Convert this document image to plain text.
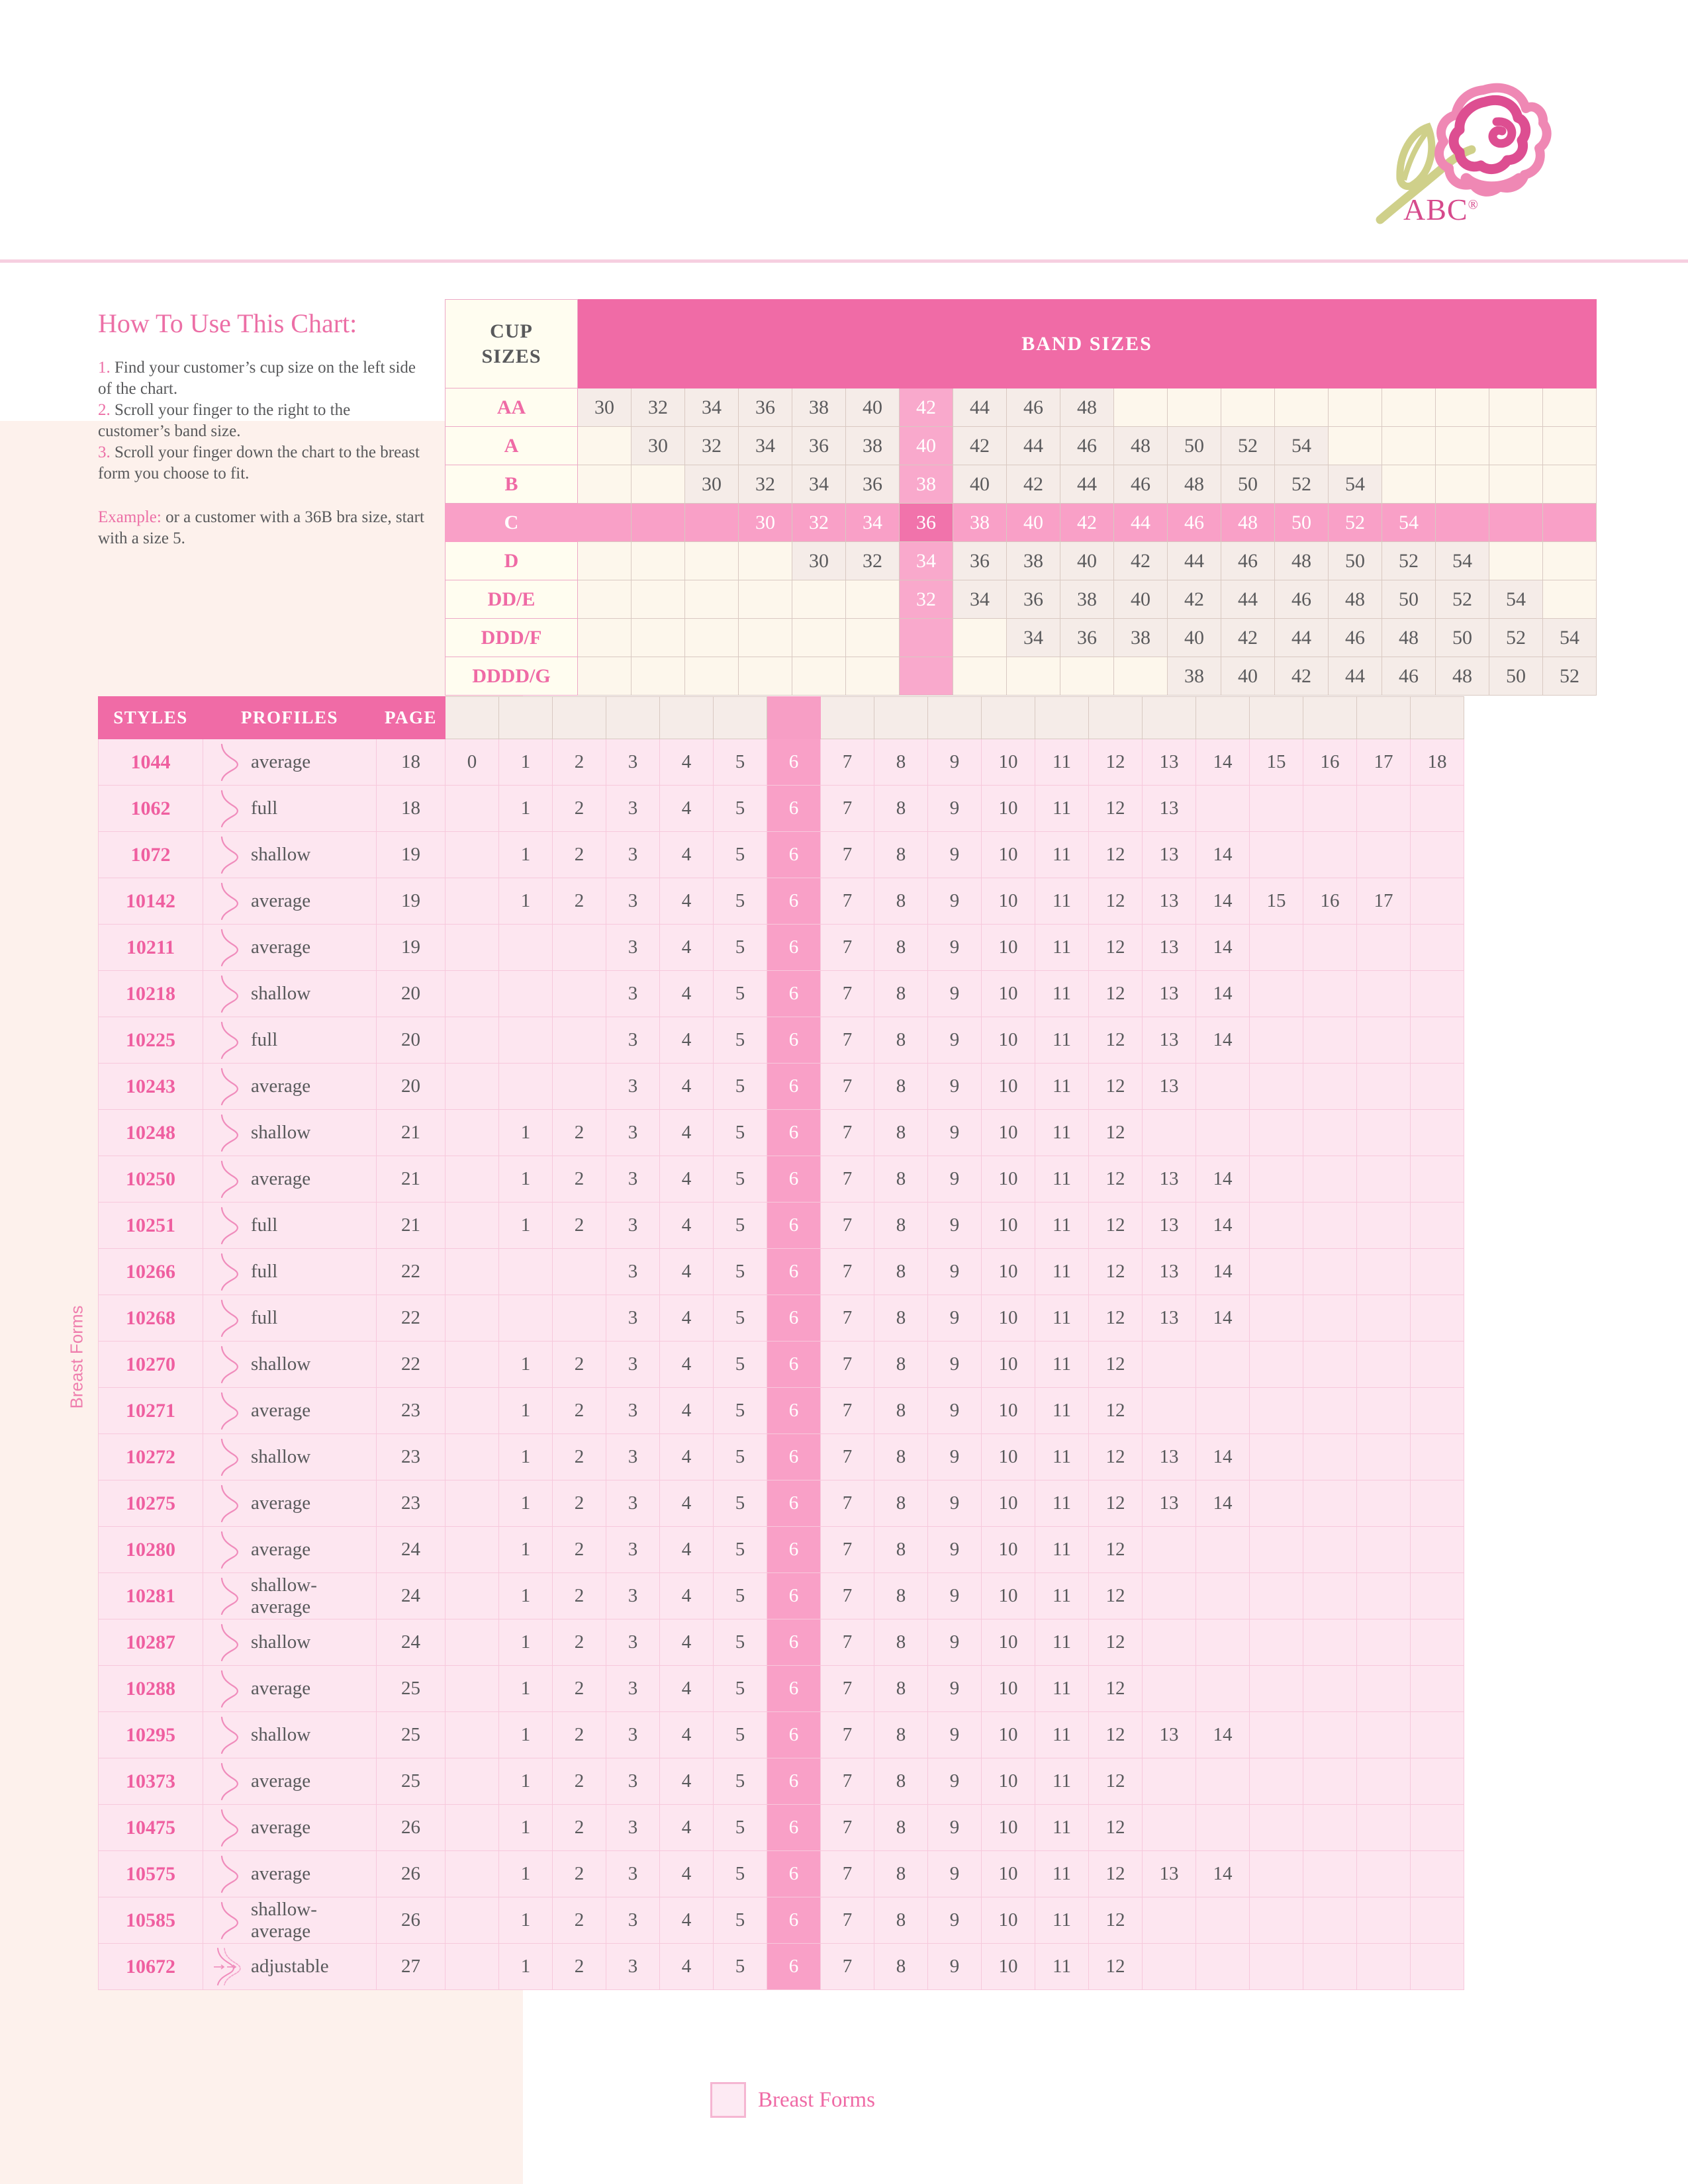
ABC®
Breast Forms
How To Use This Chart:

1. Find your customer’s cup size on the left side of the chart.

2. Scroll your finger to the right to the customer’s band size.

3. Scroll your finger down the chart to the breast form you choose to fit.

Example: or a customer with a 36B bra size, start with a size 5.

CUP
SIZES	BAND SIZES																		
AA	30	32	34	36	38	40	42	44	46	48									
A		30	32	34	36	38	40	42	44	46	48	50	52	54					
B			30	32	34	36	38	40	42	44	46	48	50	52	54				
C				30	32	34	36	38	40	42	44	46	48	50	52	54			
D					30	32	34	36	38	40	42	44	46	48	50	52	54		
DD/E							32	34	36	38	40	42	44	46	48	50	52	54	
DDD/F									34	36	38	40	42	44	46	48	50	52	54
DDDD/G												38	40	42	44	46	48	50	52
STYLES	PROFILES	PAGE																			
1044	average	18	0	1	2	3	4	5	6	7	8	9	10	11	12	13	14	15	16	17	18
1062	full	18		1	2	3	4	5	6	7	8	9	10	11	12	13					
1072	shallow	19		1	2	3	4	5	6	7	8	9	10	11	12	13	14				
10142	average	19		1	2	3	4	5	6	7	8	9	10	11	12	13	14	15	16	17	
10211	average	19				3	4	5	6	7	8	9	10	11	12	13	14				
10218	shallow	20				3	4	5	6	7	8	9	10	11	12	13	14				
10225	full	20				3	4	5	6	7	8	9	10	11	12	13	14				
10243	average	20				3	4	5	6	7	8	9	10	11	12	13					
10248	shallow	21		1	2	3	4	5	6	7	8	9	10	11	12						
10250	average	21		1	2	3	4	5	6	7	8	9	10	11	12	13	14				
10251	full	21		1	2	3	4	5	6	7	8	9	10	11	12	13	14				
10266	full	22				3	4	5	6	7	8	9	10	11	12	13	14				
10268	full	22				3	4	5	6	7	8	9	10	11	12	13	14				
10270	shallow	22		1	2	3	4	5	6	7	8	9	10	11	12						
10271	average	23		1	2	3	4	5	6	7	8	9	10	11	12						
10272	shallow	23		1	2	3	4	5	6	7	8	9	10	11	12	13	14				
10275	average	23		1	2	3	4	5	6	7	8	9	10	11	12	13	14				
10280	average	24		1	2	3	4	5	6	7	8	9	10	11	12						
10281	shallow-average	24		1	2	3	4	5	6	7	8	9	10	11	12						
10287	shallow	24		1	2	3	4	5	6	7	8	9	10	11	12						
10288	average	25		1	2	3	4	5	6	7	8	9	10	11	12						
10295	shallow	25		1	2	3	4	5	6	7	8	9	10	11	12	13	14				
10373	average	25		1	2	3	4	5	6	7	8	9	10	11	12						
10475	average	26		1	2	3	4	5	6	7	8	9	10	11	12						
10575	average	26		1	2	3	4	5	6	7	8	9	10	11	12	13	14				
10585	shallow-average	26		1	2	3	4	5	6	7	8	9	10	11	12						
10672	adjustable	27		1	2	3	4	5	6	7	8	9	10	11	12						
Breast Forms
